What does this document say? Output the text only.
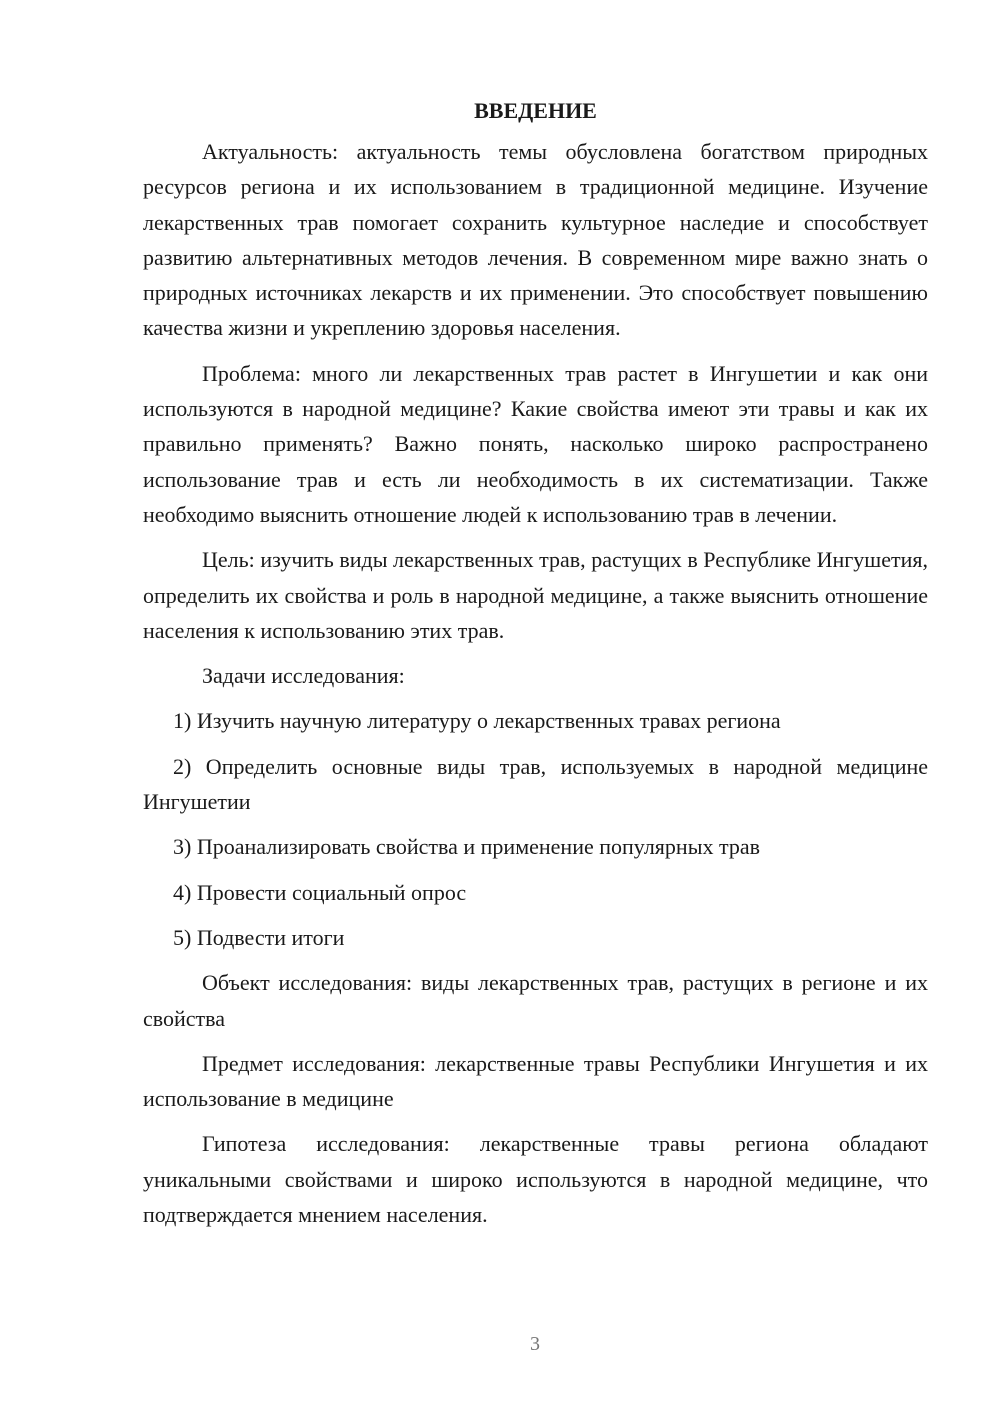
ВВЕДЕНИЕ

Актуальность: актуальность темы обусловлена богатством природных ресурсов региона и их использованием в традиционной медицине. Изучение лекарственных трав помогает сохранить культурное наследие и способствует развитию альтернативных методов лечения. В современном мире важно знать о природных источниках лекарств и их применении. Это способствует повышению качества жизни и укреплению здоровья населения.

Проблема: много ли лекарственных трав растет в Ингушетии и как они используются в народной медицине? Какие свойства имеют эти травы и как их правильно применять? Важно понять, насколько широко распространено использование трав и есть ли необходимость в их систематизации. Также необходимо выяснить отношение людей к использованию трав в лечении.

Цель: изучить виды лекарственных трав, растущих в Республике Ингушетия, определить их свойства и роль в народной медицине, а также выяснить отношение населения к использованию этих трав.

Задачи исследования:

1) Изучить научную литературу о лекарственных травах региона

2) Определить основные виды трав, используемых в народной медицине Ингушетии

3) Проанализировать свойства и применение популярных трав

4) Провести социальный опрос

5) Подвести итоги

Объект исследования: виды лекарственных трав, растущих в регионе и их свойства

Предмет исследования: лекарственные травы Республики Ингушетия и их использование в медицине

Гипотеза исследования: лекарственные травы региона обладают уникальными свойствами и широко используются в народной медицине, что подтверждается мнением населения.

3
